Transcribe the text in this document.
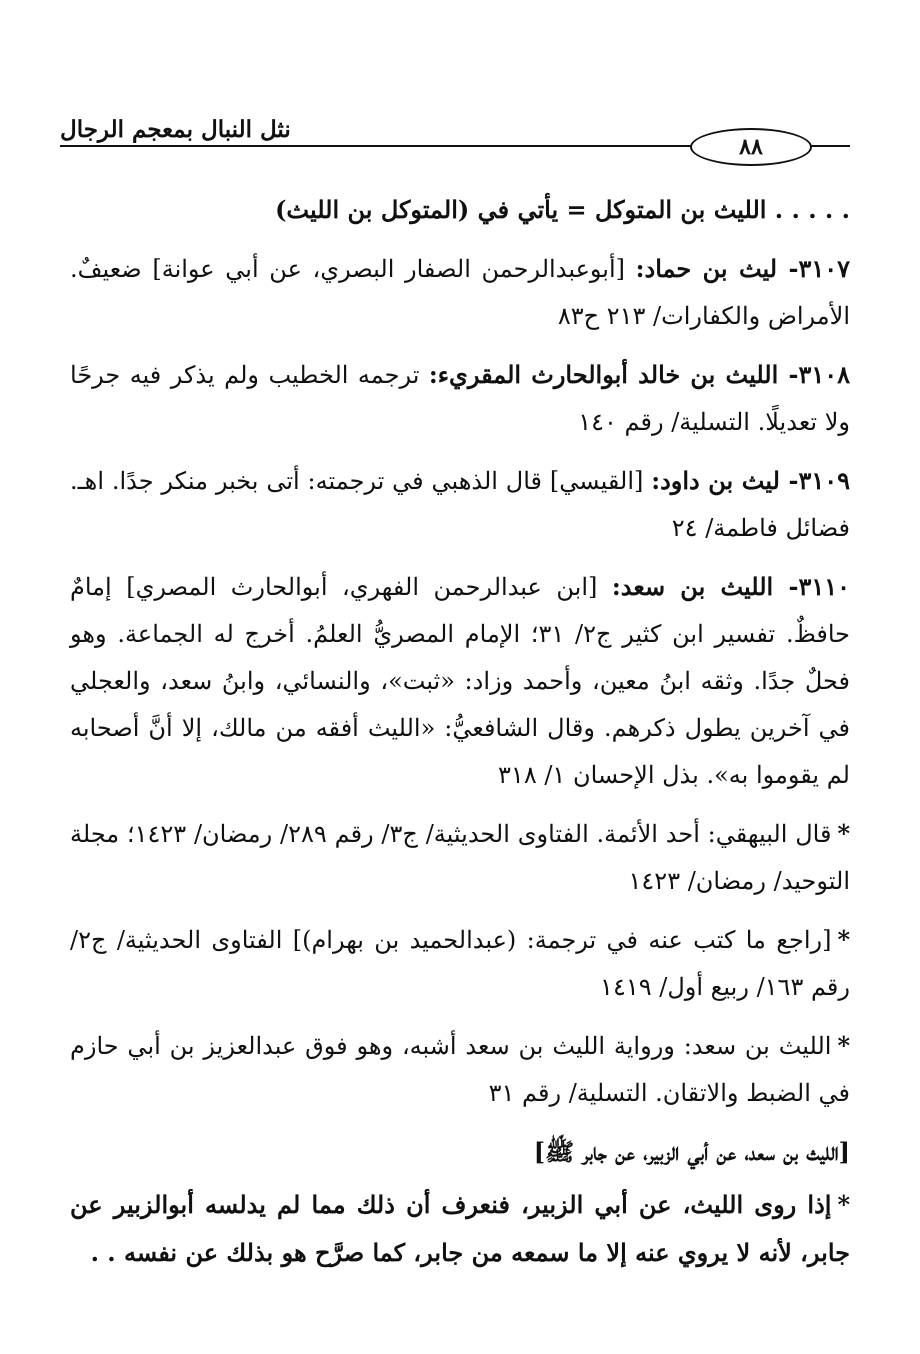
نثل النبال بمعجم الرجال
٨٨

. . . . . الليث بن المتوكل = يأتي في (المتوكل بن الليث)

٣١٠٧- ليث بن حماد: [أبوعبدالرحمن الصفار البصري، عن أبي عوانة] ضعيفٌ. الأمراض والكفارات/ ٢١٣ ح٨٣

٣١٠٨- الليث بن خالد أبوالحارث المقريء: ترجمه الخطيب ولم يذكر فيه جرحًا ولا تعديلًا. التسلية/ رقم ١٤٠

٣١٠٩- ليث بن داود: [القيسي] قال الذهبي في ترجمته: أتى بخبر منكر جدًا. اهـ. فضائل فاطمة/ ٢٤

٣١١٠- الليث بن سعد: [ابن عبدالرحمن الفهري، أبوالحارث المصري] إمامٌ حافظٌ. تفسير ابن كثير ج٢/ ٣١؛ الإمام المصريُّ العلمُ. أخرج له الجماعة. وهو فحلٌ جدًا. وثقه ابنُ معين، وأحمد وزاد: «ثبت»، والنسائي، وابنُ سعد، والعجلي في آخرين يطول ذكرهم. وقال الشافعيُّ: «الليث أفقه من مالك، إلا أنَّ أصحابه لم يقوموا به». بذل الإحسان ١/ ٣١٨

*قال البيهقي: أحد الأئمة. الفتاوى الحديثية/ ج٣/ رقم ٢٨٩/ رمضان/ ١٤٢٣؛ مجلة التوحيد/ رمضان/ ١٤٢٣

*[راجع ما كتب عنه في ترجمة: (عبدالحميد بن بهرام)] الفتاوى الحديثية/ ج٢/ رقم ١٦٣/ ربيع أول/ ١٤١٩

*الليث بن سعد: ورواية الليث بن سعد أشبه، وهو فوق عبدالعزيز بن أبي حازم في الضبط والاتقان. التسلية/ رقم ٣١

[الليث بن سعد، عن أبي الزبير، عن جابر ﷺ]

*إذا روى الليث، عن أبي الزبير، فنعرف أن ذلك مما لم يدلسه أبوالزبير عن جابر، لأنه لا يروي عنه إلا ما سمعه من جابر، كما صرَّح هو بذلك عن نفسه . .
